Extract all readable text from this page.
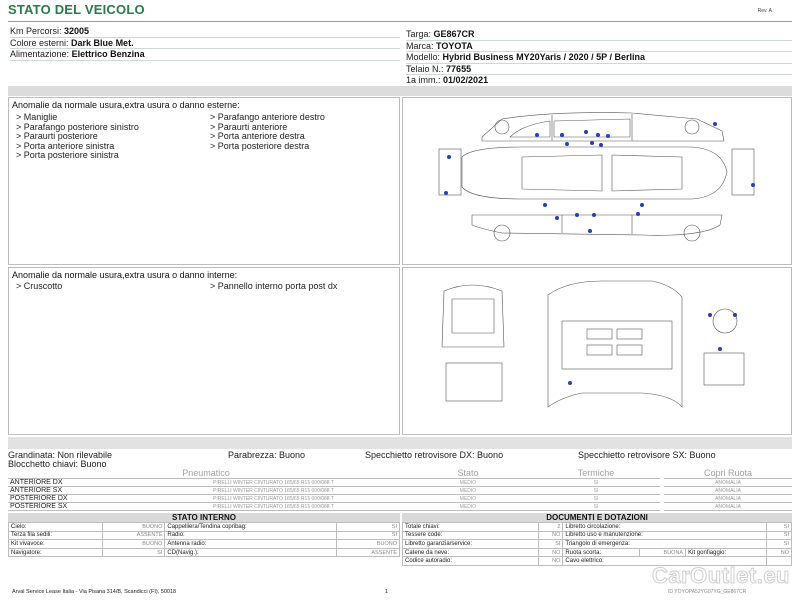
STATO DEL VEICOLO	Rev. A
Km Percorsi: 32005
Colore esterni: Dark Blue Met.
Alimentazione: Elettrico Benzina
Targa: GE867CR
Marca: TOYOTA
Modello: Hybrid Business MY20Yaris / 2020 / 5P / Berlina
Telaio N.: 77655
1a imm.: 01/02/2021
Anomalie da normale usura,extra usura o danno esterne:
> Maniglie
> Parafango posteriore sinistro
> Paraurti posteriore
> Porta anteriore sinistra
> Porta posteriore sinistra
> Parafango anteriore destro
> Paraurti anteriore
> Porta anteriore destra
> Porta posteriore destra
Anomalie da normale usura,extra usura o danno interne:
> Cruscotto	> Pannello interno porta post dx
Grandinata: Non rilevabile	Parabrezza: Buono	Specchietto retrovisore DX: Buono	Specchietto retrovisore SX: Buono
Blocchetto chiavi: Buono
Pneumatico		Stato	Termiche		Copri Ruota
ANTERIORE DX	PIRELLI WINTER CINTURATO 185/65 R15 000/088 T	MEDIO	SI		ANOMALIA
ANTERIORE SX	PIRELLI WINTER CINTURATO 185/65 R15 000/088 T	MEDIO	SI		ANOMALIA
POSTERIORE DX	PIRELLI WINTER CINTURATO 185/65 R15 000/088 T	MEDIO	SI		ANOMALIA
POSTERIORE SX	PIRELLI WINTER CINTURATO 185/65 R15 000/088 T	MEDIO	SI		ANOMALIA
STATO INTERNO
Cielo:	BUONO	Cappelliera/Tendina copribag:	SI
Terza fila sedili:	ASSENTE	Radio:	SI
Kit vivavoce:	BUONO	Antenna radio:	BUONO
Navigatore:	SI	CD(Navig.):	ASSENTE
DOCUMENTI E DOTAZIONI
Totale chiavi:	2	Libretto circolazione:			SI
Tessere code:	NO	Libretto uso e manutenzione:			SI
Libretto garanzia/service:	SI	Triangolo di emergenza:			SI
Catene da neve:	NO	Ruota scorta:	BUONA	Kit gonfiaggio:	NO
Codice autoradio:	NO	Cavo elettrico:			
Arval Service Lease Italia - Via Pisana 314/B, Scandicci (FI), 50018	1	ID YOYOPA52YG07YG_GE867CR
CarOutlet.eu
